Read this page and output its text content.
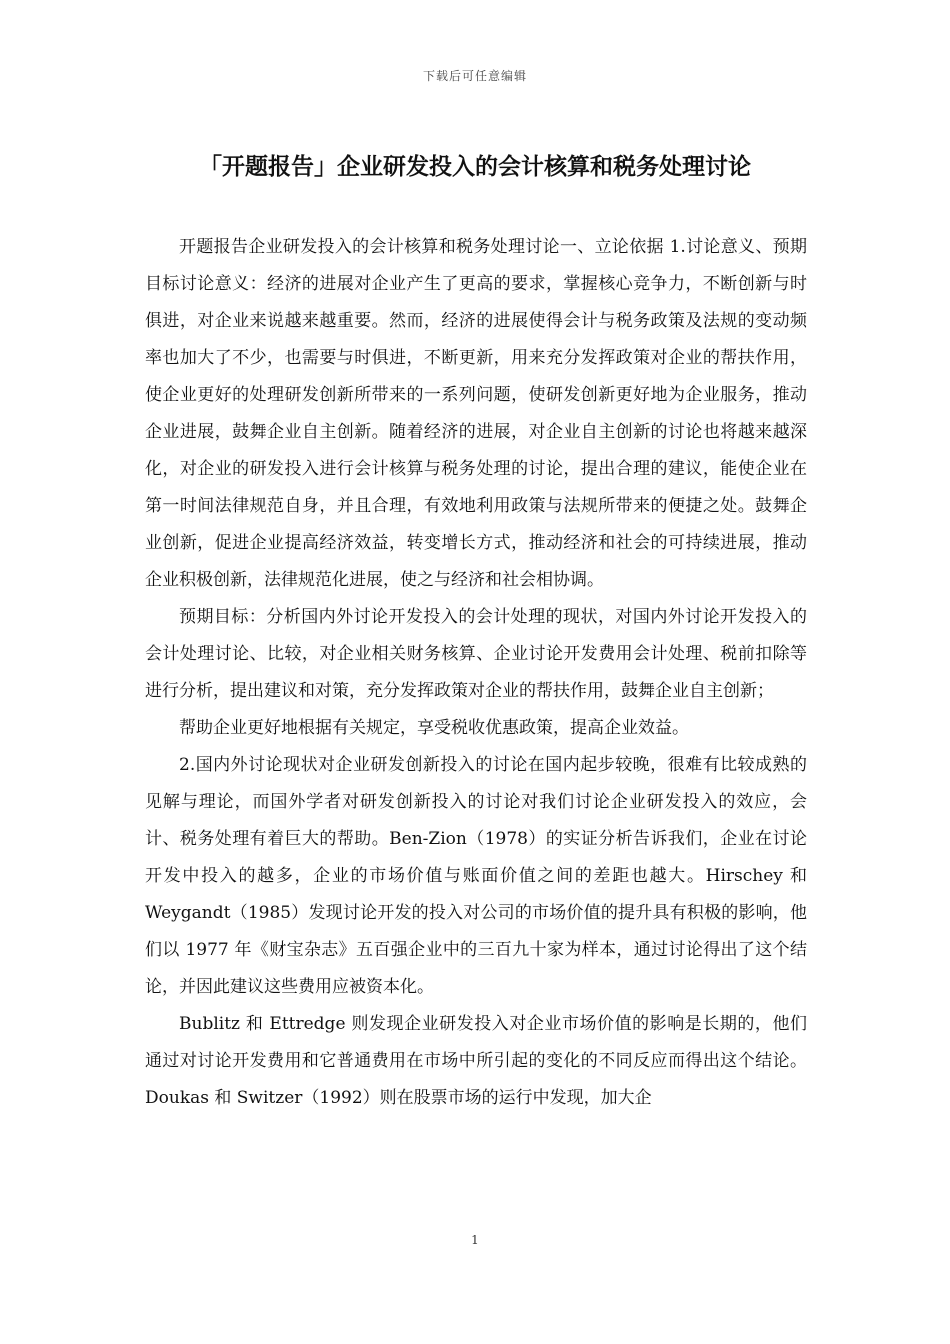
下载后可任意编辑
「开题报告」企业研发投入的会计核算和税务处理讨论

开题报告企业研发投入的会计核算和税务处理讨论一、立论依据 1.讨论意义、预期目标讨论意义：经济的进展对企业产生了更高的要求，掌握核心竞争力，不断创新与时俱进，对企业来说越来越重要。然而，经济的进展使得会计与税务政策及法规的变动频率也加大了不少，也需要与时俱进，不断更新，用来充分发挥政策对企业的帮扶作用，使企业更好的处理研发创新所带来的一系列问题，使研发创新更好地为企业服务，推动企业进展，鼓舞企业自主创新。随着经济的进展，对企业自主创新的讨论也将越来越深化，对企业的研发投入进行会计核算与税务处理的讨论，提出合理的建议，能使企业在第一时间法律规范自身，并且合理，有效地利用政策与法规所带来的便捷之处。鼓舞企业创新，促进企业提高经济效益，转变增长方式，推动经济和社会的可持续进展，推动企业积极创新，法律规范化进展，使之与经济和社会相协调。

预期目标：分析国内外讨论开发投入的会计处理的现状，对国内外讨论开发投入的会计处理讨论、比较，对企业相关财务核算、企业讨论开发费用会计处理、税前扣除等进行分析，提出建议和对策，充分发挥政策对企业的帮扶作用，鼓舞企业自主创新；

帮助企业更好地根据有关规定，享受税收优惠政策，提高企业效益。

2.国内外讨论现状对企业研发创新投入的讨论在国内起步较晚，很难有比较成熟的见解与理论，而国外学者对研发创新投入的讨论对我们讨论企业研发投入的效应，会计、税务处理有着巨大的帮助。Ben-Zion（1978）的实证分析告诉我们，企业在讨论开发中投入的越多，企业的市场价值与账面价值之间的差距也越大。Hirschey 和 Weygandt（1985）发现讨论开发的投入对公司的市场价值的提升具有积极的影响，他们以 1977 年《财宝杂志》五百强企业中的三百九十家为样本，通过讨论得出了这个结论，并因此建议这些费用应被资本化。

Bublitz 和 Ettredge 则发现企业研发投入对企业市场价值的影响是长期的，他们通过对讨论开发费用和它普通费用在市场中所引起的变化的不同反应而得出这个结论。Doukas 和 Switzer（1992）则在股票市场的运行中发现，加大企

1
